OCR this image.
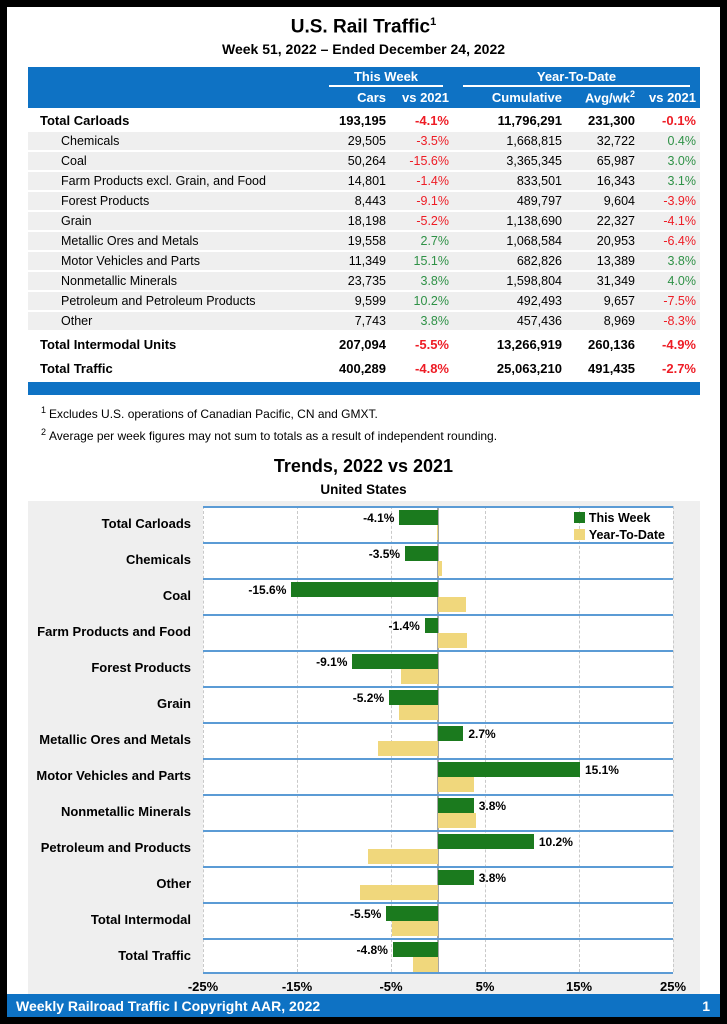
U.S. Rail Traffic$^1$
Week 51, 2022 – Ended December 24, 2022
This Week	Year-To-Date
Cars	vs 2021	Cumulative	Avg/$wk^2$	vs 2021
Total Carloads	193,195	-4.1%	11,796,291	231,300	-0.1%
Chemicals	29,505	-3.5%	1,668,815	32,722	0.4%
Coal	50,264	-15.6%	3,365,345	65,987	3.0%
Farm Products excl. Grain, and Food	14,801	-1.4%	833,501	16,343	3.1%
Forest Products	8,443	-9.1%	489,797	9,604	-3.9%
Grain	18,198	-5.2%	1,138,690	22,327	-4.1%
Metallic Ores and Metals	19,558	2.7%	1,068,584	20,953	-6.4%
Motor Vehicles and Parts	11,349	15.1%	682,826	13,389	3.8%
Nonmetallic Minerals	23,735	3.8%	1,598,804	31,349	4.0%
Petroleum and Petroleum Products	9,599	10.2%	492,493	9,657	-7.5%
Other	7,743	3.8%	457,436	8,969	-8.3%
Total Intermodal Units	207,094	-5.5%	13,266,919	260,136	-4.9%
Total Traffic	400,289	-4.8%	25,063,210	491,435	-2.7%
$^1$ Excludes U.S. operations of Canadian Pacific, CN and GMXT.
$^2$ Average per week figures may not sum to totals as a result of independent rounding.
Trends, 2022 vs 2021
United States
Total Carloads
Chemicals
Coal
Farm Products and Food
Forest Products
Grain
Metallic Ores and Metals
Motor Vehicles and Parts
Nonmetallic Minerals
Petroleum and Products
Other
Total Intermodal
Total Traffic
This Week
Year-To-Date
-4.1%
-3.5%
-15.6%
-1.4%
-9.1%
-5.2%
2.7%
15.1%
3.8%
10.2%
3.8%
-5.5%
-4.8%
-25%	-15%	-5%	5%	15%	25%
Weekly Railroad Traffic I Copyright AAR, 2022	1
